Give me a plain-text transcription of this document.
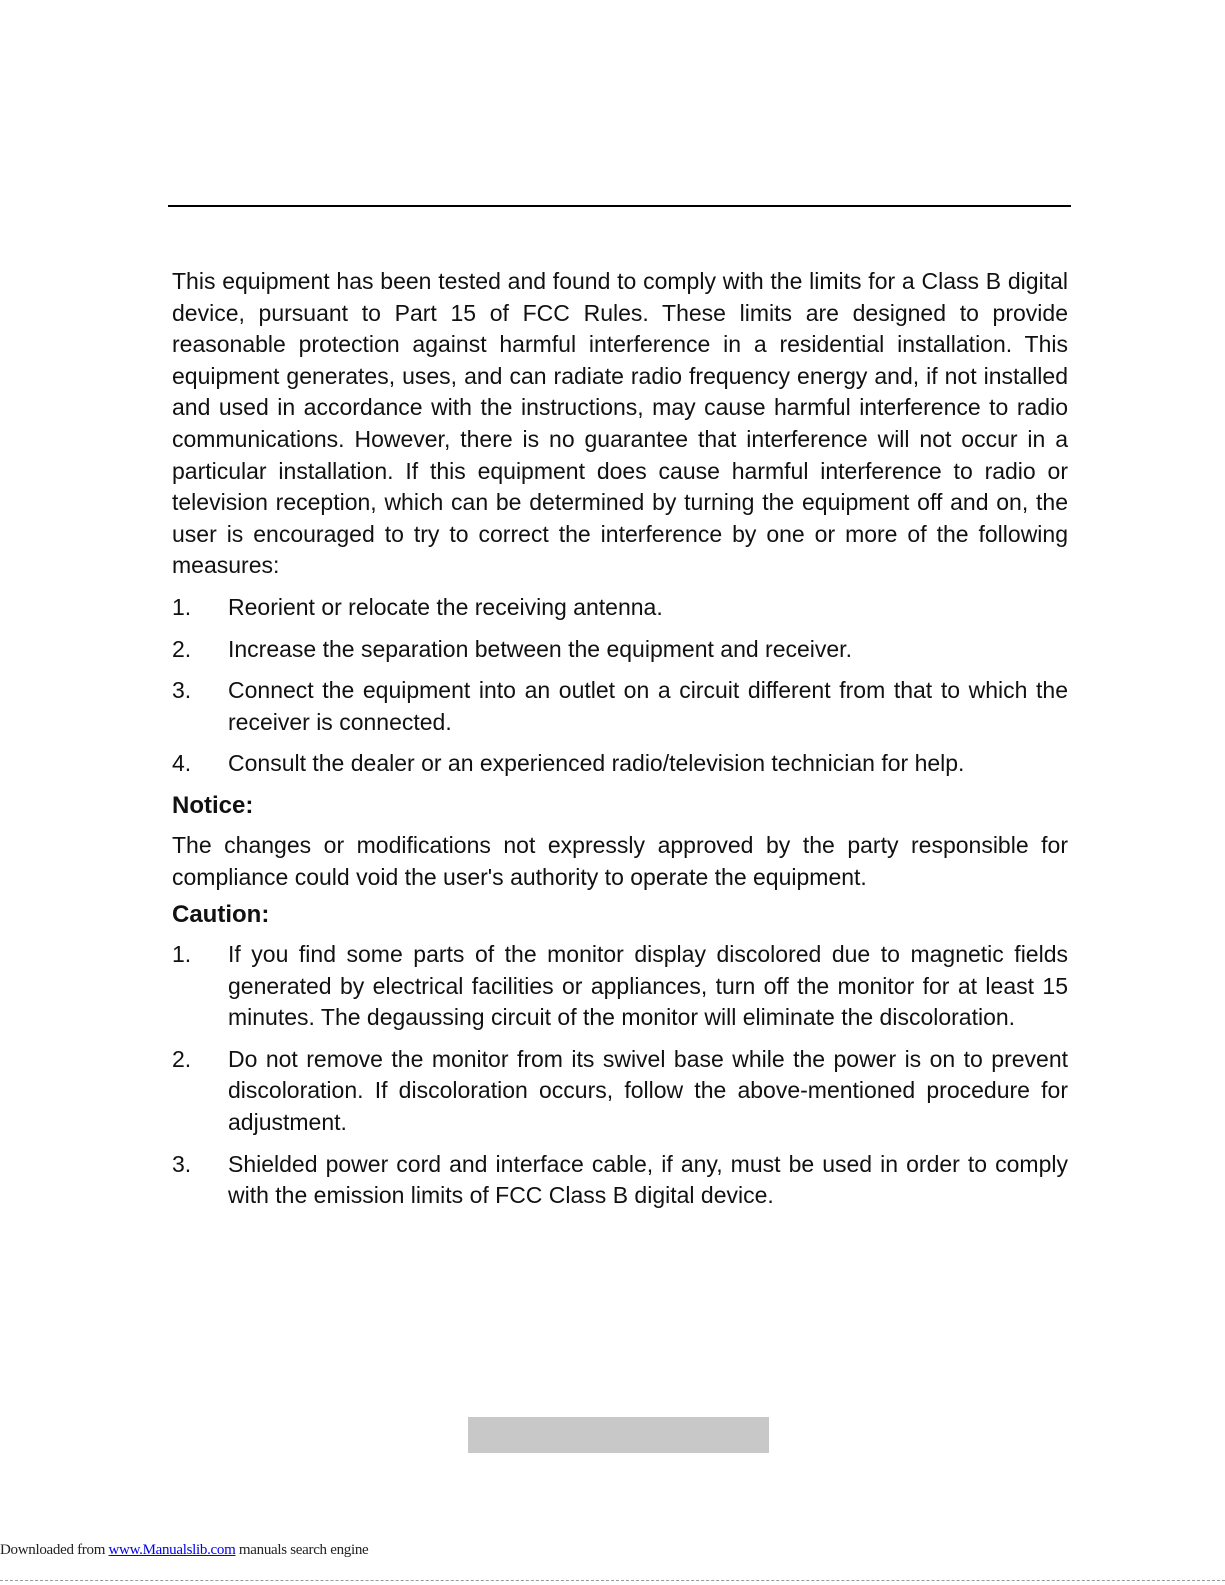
This equipment has been tested and found to comply with the limits for a Class B digital device, pursuant to Part 15 of FCC Rules. These limits are designed to provide reasonable protection against harmful interference in a residential installation. This equipment generates, uses, and can radiate radio frequency energy and, if not installed and used in accordance with the instructions, may cause harmful interference to radio communications. However, there is no guarantee that interference will not occur in a particular installation. If this equipment does cause harmful interference to radio or television reception, which can be determined by turning the equipment off and on, the user is encouraged to try to correct the interference by one or more of the following measures:

1. Reorient or relocate the receiving antenna.
2. Increase the separation between the equipment and receiver.
3. Connect the equipment into an outlet on a circuit different from that to which the receiver is connected.
4. Consult the dealer or an experienced radio/television technician for help.
Notice:

The changes or modifications not expressly approved by the party responsible for compliance could void the user's authority to operate the equipment.

Caution:
1. If you find some parts of the monitor display discolored due to magnetic fields generated by electrical facilities or appliances, turn off the monitor for at least 15 minutes. The degaussing circuit of the monitor will eliminate the discoloration.
2. Do not remove the monitor from its swivel base while the power is on to prevent discoloration. If discoloration occurs, follow the above-mentioned procedure for adjustment.
3. Shielded power cord and interface cable, if any, must be used in order to comply with the emission limits of FCC Class B digital device.
Downloaded from www.Manualslib.com manuals search engine
